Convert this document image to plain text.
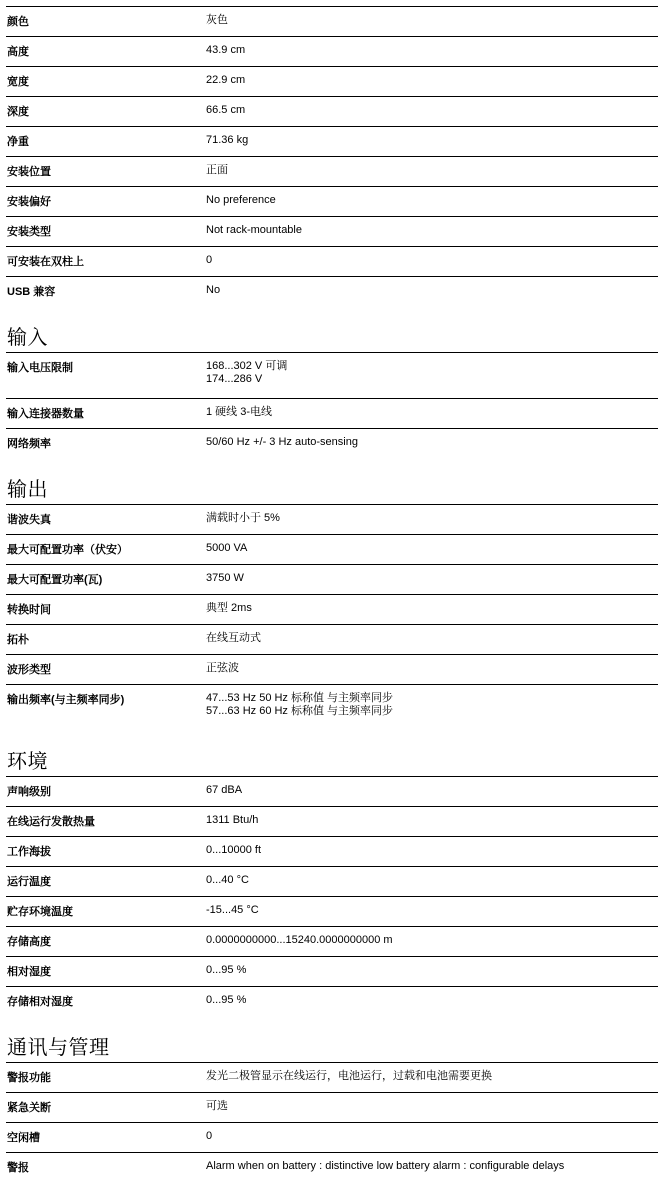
颜色	灰色
高度	43.9 cm
宽度	22.9 cm
深度	66.5 cm
净重	71.36 kg
安装位置	正面
安装偏好	No preference
安装类型	Not rack-mountable
可安装在双柱上	0
USB 兼容	No
输入
输入电压限制	168...302 V 可调
174...286 V
输入连接器数量	1 硬线 3-电线
网络频率	50/60 Hz +/- 3 Hz auto-sensing
输出
谐波失真	满载时小于 5%
最大可配置功率（伏安）	5000 VA
最大可配置功率(瓦)	3750 W
转换时间	典型 2ms
拓朴	在线互动式
波形类型	正弦波
输出频率(与主频率同步)	47...53 Hz 50 Hz 标称值 与主频率同步
57...63 Hz 60 Hz 标称值 与主频率同步
环境
声响级别	67 dBA
在线运行发散热量	1311 Btu/h
工作海拔	0...10000 ft
运行温度	0...40 °C
贮存环境温度	-15...45 °C
存储高度	0.0000000000...15240.0000000000 m
相对湿度	0...95 %
存储相对湿度	0...95 %
通讯与管理
警报功能	发光二极管显示在线运行，电池运行，过载和电池需要更换
紧急关断	可选
空闲槽	0
警报	Alarm when on battery : distinctive low battery alarm : configurable delays
